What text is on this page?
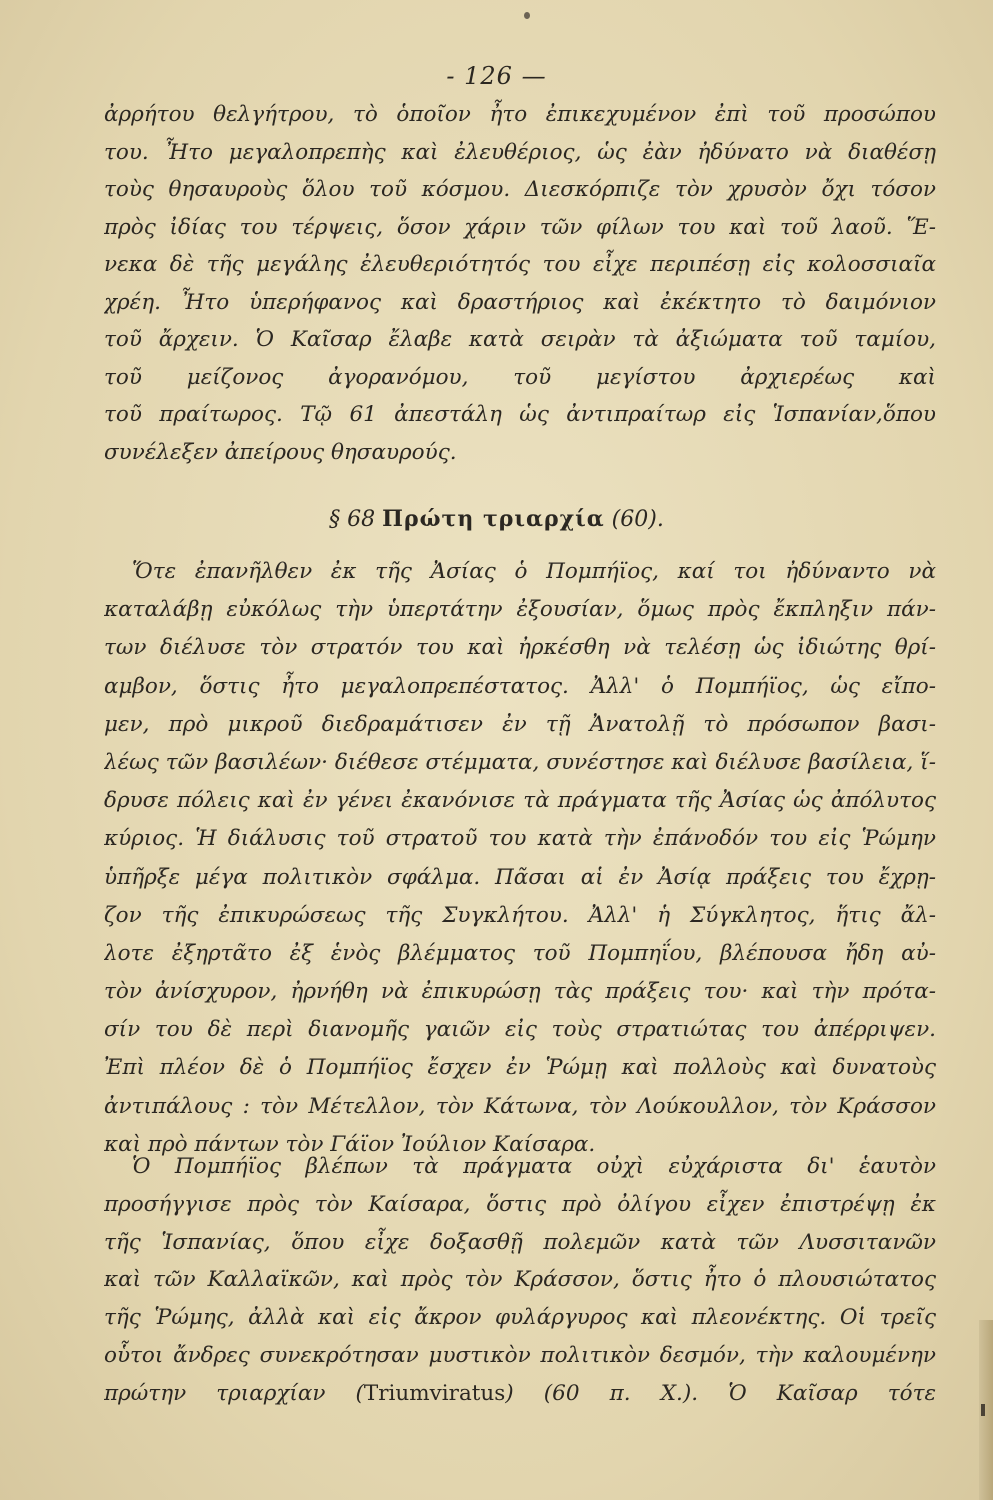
- 126 —
ἀρρήτου θελγήτρου, τὸ ὁποῖον ἦτο ἐπικεχυμένον ἐπὶ τοῦ προσώπου
του. Ἦτο μεγαλοπρεπὴς καὶ ἐλευθέριος, ὡς ἐὰν ἠδύνατο νὰ διαθέσῃ
τοὺς θησαυροὺς ὅλου τοῦ κόσμου. Διεσκόρπιζε τὸν χρυσὸν ὄχι τόσον
πρὸς ἰδίας του τέρψεις, ὅσον χάριν τῶν φίλων του καὶ τοῦ λαοῦ. Ἕ-
νεκα δὲ τῆς μεγάλης ἐλευθεριότητός του εἶχε περιπέσῃ εἰς κολοσσιαῖα
χρέη. Ἦτο ὑπερήφανος καὶ δραστήριος καὶ ἐκέκτητο τὸ δαιμόνιον
τοῦ ἄρχειν. Ὁ Καῖσαρ ἔλαβε κατὰ σειρὰν τὰ ἀξιώματα τοῦ ταμίου,
τοῦ μείζονος ἀγορανόμου, τοῦ μεγίστου ἀρχιερέως καὶ
τοῦ πραίτωρος. Τῷ 61 ἀπεστάλη ὡς ἀντιπραίτωρ εἰς Ἱσπανίαν,ὅπου
συνέλεξεν ἀπείρους θησαυρούς.
§ 68 Πρώτη τριαρχία (60).
Ὅτε ἐπανῆλθεν ἐκ τῆς Ἀσίας ὁ Πομπήϊος, καί τοι ἠδύναντο νὰ
καταλάβῃ εὐκόλως τὴν ὑπερτάτην ἐξουσίαν, ὅμως πρὸς ἔκπληξιν πάν-
των διέλυσε τὸν στρατόν του καὶ ἠρκέσθη νὰ τελέσῃ ὡς ἰδιώτης θρί-
αμβον, ὅστις ἦτο μεγαλοπρεπέστατος. Ἀλλ' ὁ Πομπήϊος, ὡς εἴπο-
μεν, πρὸ μικροῦ διεδραμάτισεν ἐν τῇ Ἀνατολῇ τὸ πρόσωπον βασι-
λέως τῶν βασιλέων· διέθεσε στέμματα, συνέστησε καὶ διέλυσε βασίλεια, ἵ-
δρυσε πόλεις καὶ ἐν γένει ἐκανόνισε τὰ πράγματα τῆς Ἀσίας ὡς ἀπόλυτος
κύριος. Ἡ διάλυσις τοῦ στρατοῦ του κατὰ τὴν ἐπάνοδόν του εἰς Ῥώμην
ὑπῆρξε μέγα πολιτικὸν σφάλμα. Πᾶσαι αἱ ἐν Ἀσίᾳ πράξεις του ἔχρῃ-
ζον τῆς ἐπικυρώσεως τῆς Συγκλήτου. Ἀλλ' ἡ Σύγκλητος, ἥτις ἄλ-
λοτε ἐξηρτᾶτο ἐξ ἑνὸς βλέμματος τοῦ Πομπηΐου, βλέπουσα ἤδη αὐ-
τὸν ἀνίσχυρον, ἠρνήθη νὰ ἐπικυρώσῃ τὰς πράξεις του· καὶ τὴν πρότα-
σίν του δὲ περὶ διανομῆς γαιῶν εἰς τοὺς στρατιώτας του ἀπέρριψεν.
Ἐπὶ πλέον δὲ ὁ Πομπήϊος ἔσχεν ἐν Ῥώμῃ καὶ πολλοὺς καὶ δυνατοὺς
ἀντιπάλους : τὸν Μέτελλον, τὸν Κάτωνα, τὸν Λούκουλλον, τὸν Κράσσον
καὶ πρὸ πάντων τὸν Γάϊον Ἰούλιον Καίσαρα.
Ὁ Πομπήϊος βλέπων τὰ πράγματα οὐχὶ εὐχάριστα δι' ἑαυτὸν
προσήγγισε πρὸς τὸν Καίσαρα, ὅστις πρὸ ὀλίγου εἶχεν ἐπιστρέψῃ ἐκ
τῆς Ἱσπανίας, ὅπου εἶχε δοξασθῇ πολεμῶν κατὰ τῶν Λυσσιτανῶν
καὶ τῶν Καλλαϊκῶν, καὶ πρὸς τὸν Κράσσον, ὅστις ἦτο ὁ πλουσιώτατος
τῆς Ῥώμης, ἀλλὰ καὶ εἰς ἄκρον φυλάργυρος καὶ πλεονέκτης. Οἱ τρεῖς
οὗτοι ἄνδρες συνεκρότησαν μυστικὸν πολιτικὸν δεσμόν, τὴν καλουμένην
πρώτην τριαρχίαν (Triumviratus) (60 π. Χ.). Ὁ Καῖσαρ τότε
